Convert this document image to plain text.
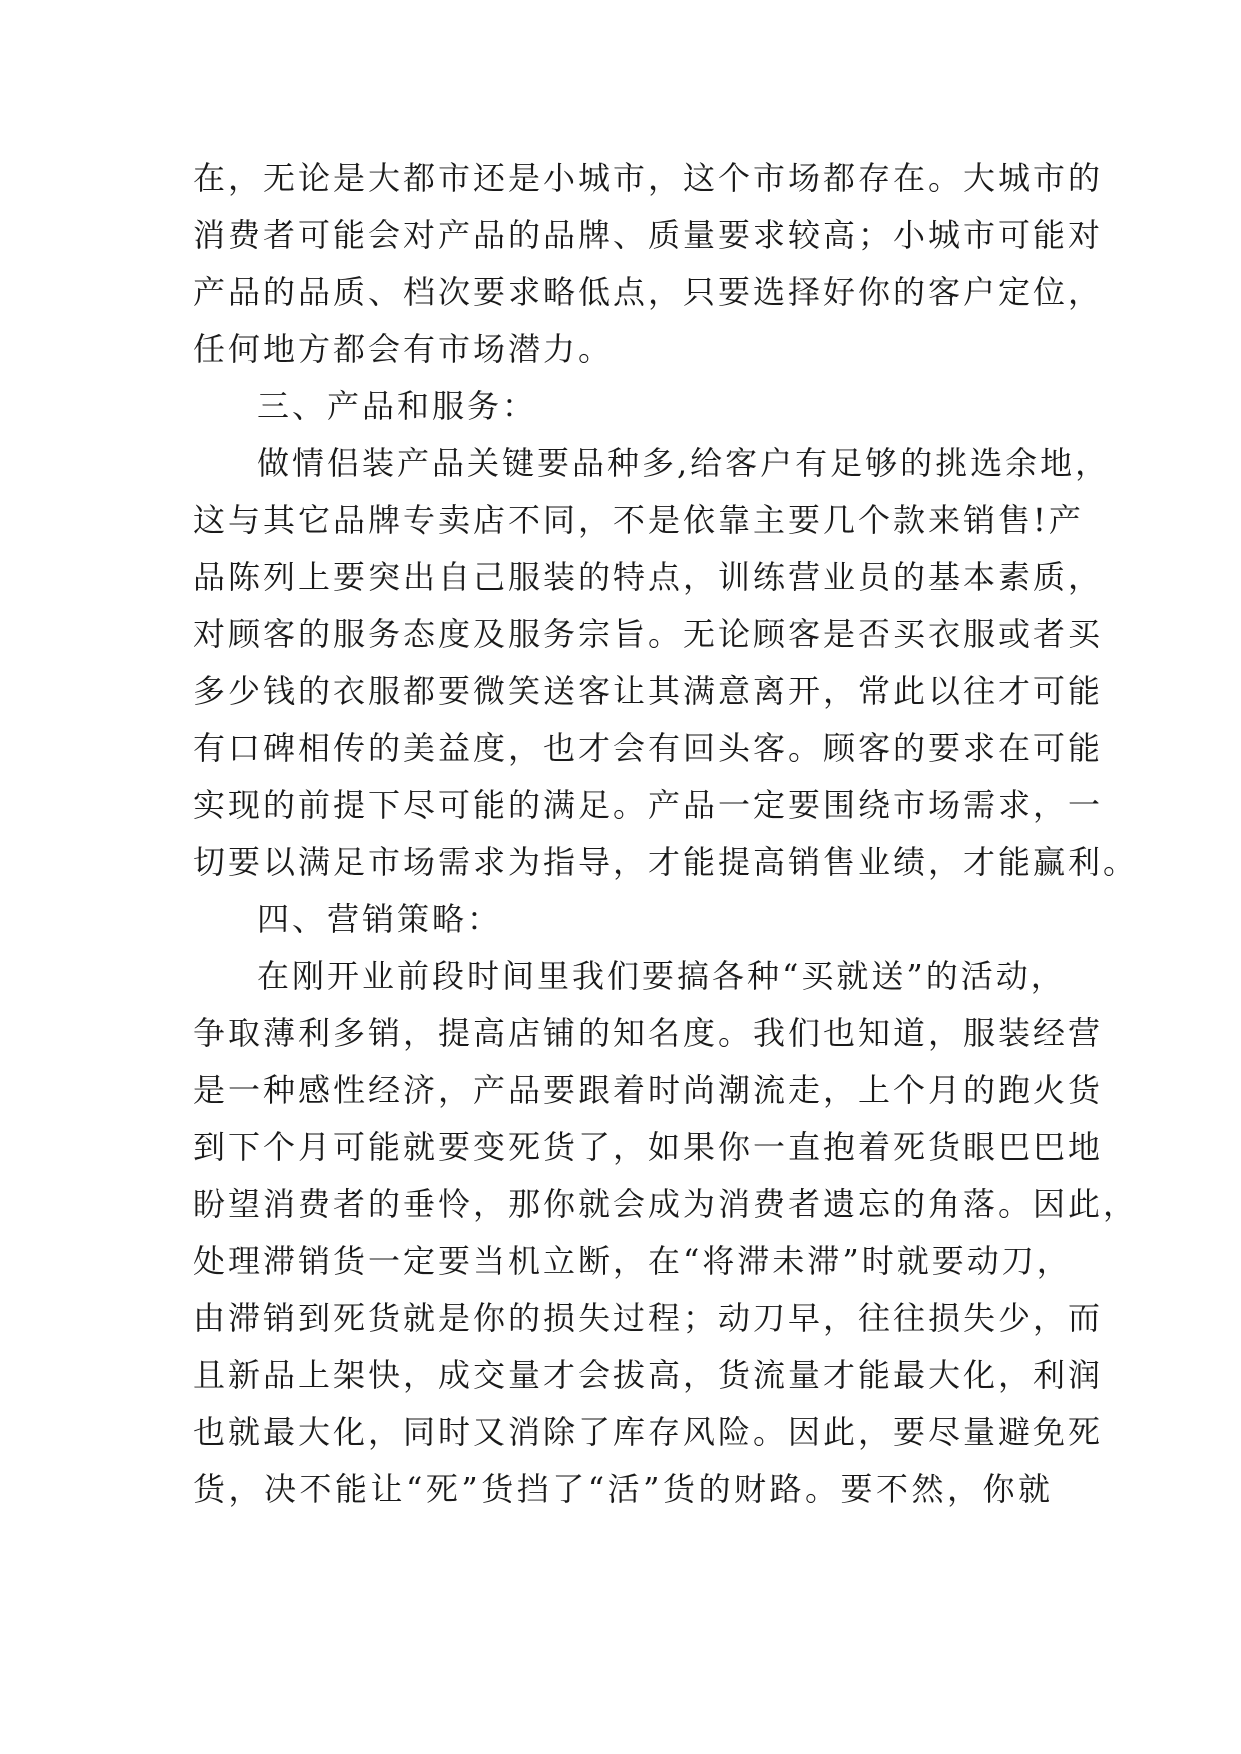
在，无论是大都市还是小城市，这个市场都存在。大城市的
消费者可能会对产品的品牌、质量要求较高；小城市可能对
产品的品质、档次要求略低点，只要选择好你的客户定位，
任何地方都会有市场潜力。
三、产品和服务：
做情侣装产品关键要品种多,给客户有足够的挑选余地，
这与其它品牌专卖店不同，不是依靠主要几个款来销售!产
品陈列上要突出自己服装的特点，训练营业员的基本素质，
对顾客的服务态度及服务宗旨。无论顾客是否买衣服或者买
多少钱的衣服都要微笑送客让其满意离开，常此以往才可能
有口碑相传的美益度，也才会有回头客。顾客的要求在可能
实现的前提下尽可能的满足。产品一定要围绕市场需求，一
切要以满足市场需求为指导，才能提高销售业绩，才能赢利。
四、营销策略：
在刚开业前段时间里我们要搞各种“买就送”的活动，
争取薄利多销，提高店铺的知名度。我们也知道，服装经营
是一种感性经济，产品要跟着时尚潮流走，上个月的跑火货
到下个月可能就要变死货了，如果你一直抱着死货眼巴巴地
盼望消费者的垂怜，那你就会成为消费者遗忘的角落。因此，
处理滞销货一定要当机立断，在“将滞未滞”时就要动刀，
由滞销到死货就是你的损失过程；动刀早，往往损失少，而
且新品上架快，成交量才会拔高，货流量才能最大化，利润
也就最大化，同时又消除了库存风险。因此，要尽量避免死
货，决不能让“死”货挡了“活”货的财路。要不然，你就
